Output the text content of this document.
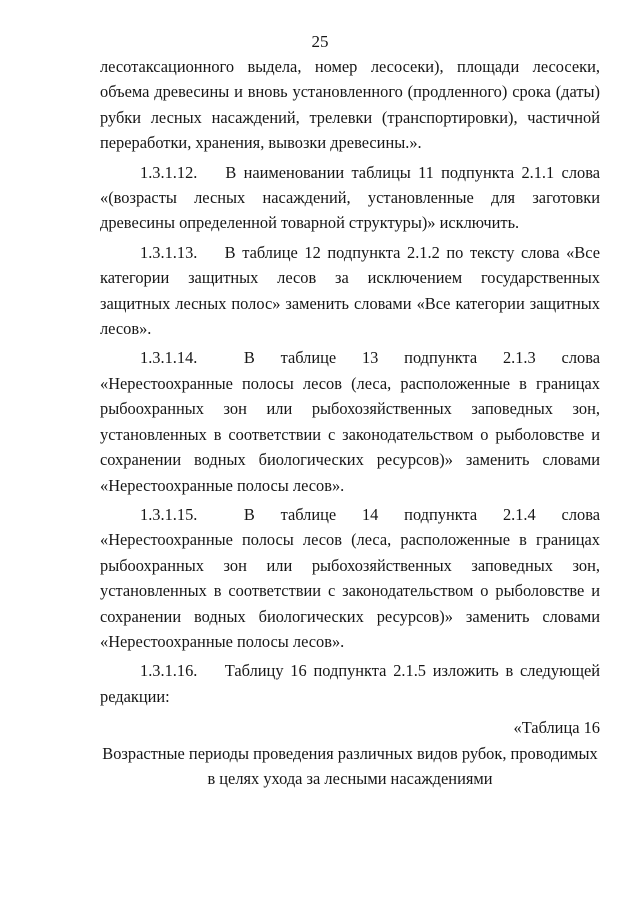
25

лесотаксационного выдела, номер лесосеки), площади лесосеки, объема древесины и вновь установленного (продленного) срока (даты) рубки лесных насаждений, трелевки (транспортировки), частичной переработки, хранения, вывозки древесины.».

1.3.1.12. В наименовании таблицы 11 подпункта 2.1.1 слова «(возрасты лесных насаждений, установленные для заготовки древесины определенной товарной структуры)» исключить.

1.3.1.13. В таблице 12 подпункта 2.1.2 по тексту слова «Все категории защитных лесов за исключением государственных защитных лесных полос» заменить словами «Все категории защитных лесов».

1.3.1.14.	В таблице 13 подпункта 2.1.3 слова «Нерестоохранные полосы лесов (леса, расположенные в границах рыбоохранных зон или рыбохозяйственных заповедных зон, установленных в соответствии с законодательством о рыболовстве и сохранении водных биологических ресурсов)» заменить словами «Нерестоохранные полосы лесов».

1.3.1.15.	В таблице 14 подпункта 2.1.4 слова «Нерестоохранные полосы лесов (леса, расположенные в границах рыбоохранных зон или рыбохозяйственных заповедных зон, установленных в соответствии с законодательством о рыболовстве и сохранении водных биологических ресурсов)» заменить словами «Нерестоохранные полосы лесов».

1.3.1.16. Таблицу 16 подпункта 2.1.5 изложить в следующей редакции:

«Таблица 16

Возрастные периоды проведения различных видов рубок, проводимых в целях ухода за лесными насаждениями
